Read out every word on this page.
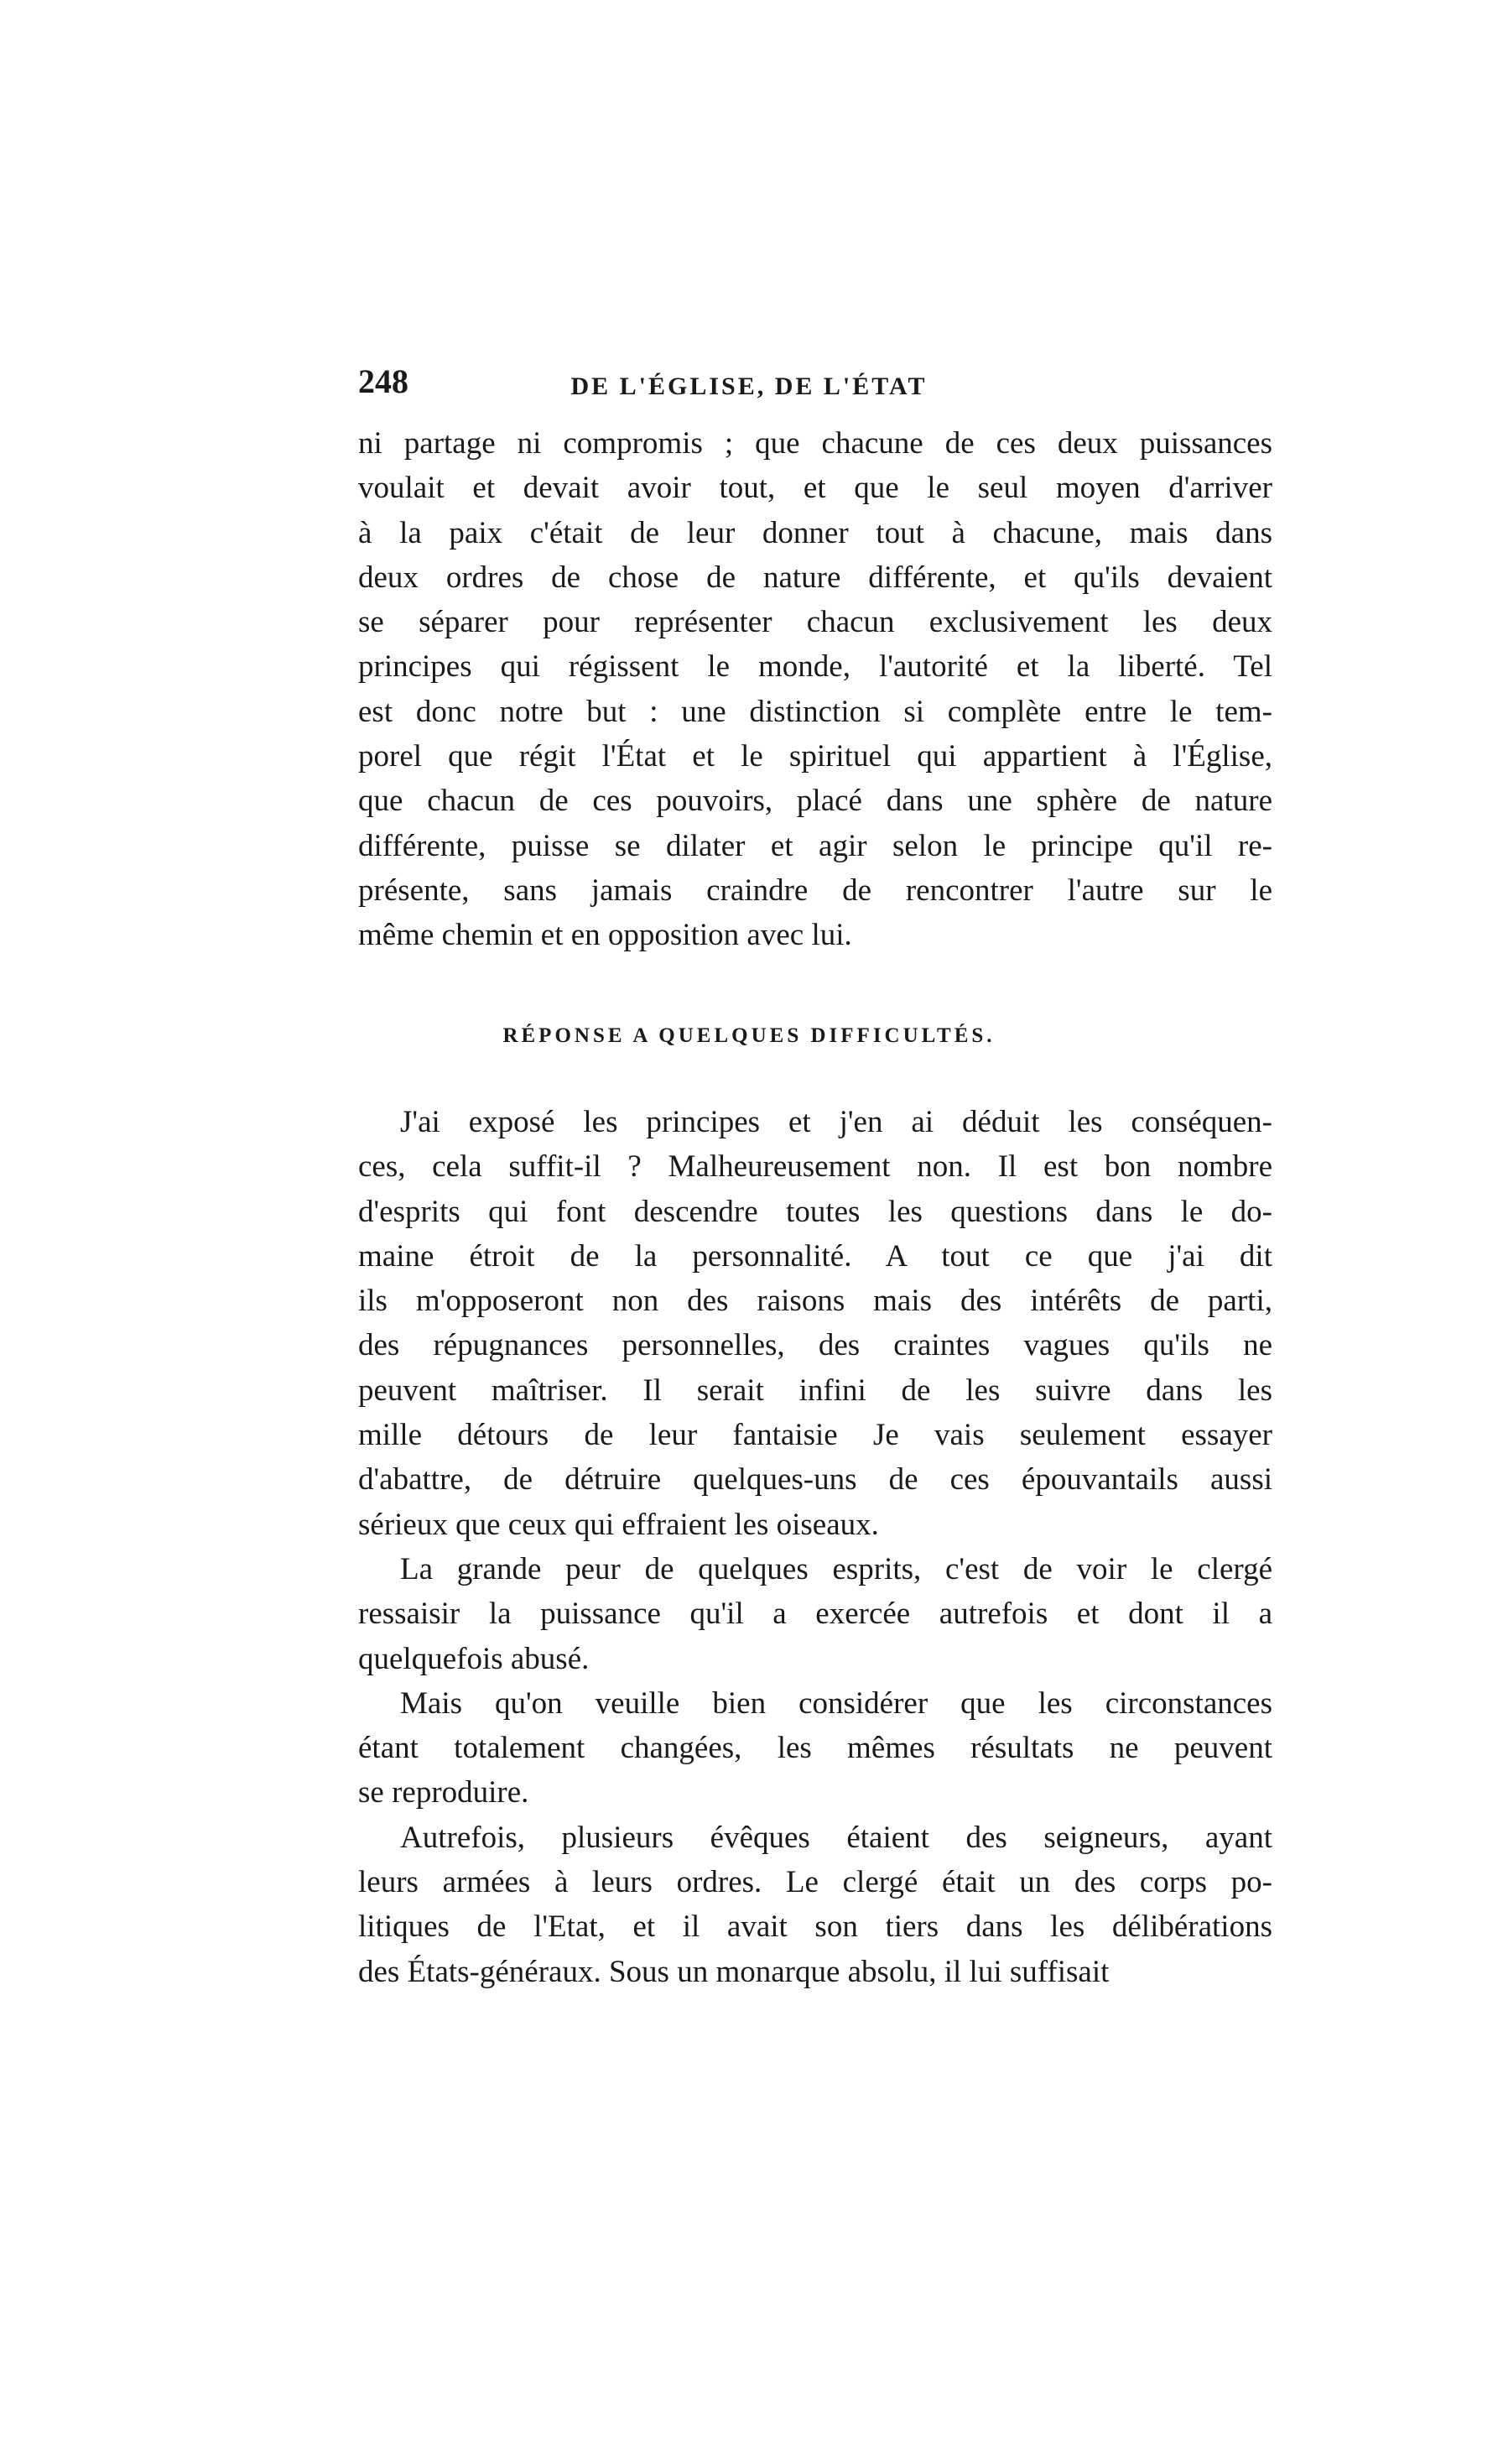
248	DE L'ÉGLISE, DE L'ÉTAT
ni partage ni compromis ; que chacune de ces deux puissances
voulait et devait avoir tout, et que le seul moyen d'arriver
à la paix c'était de leur donner tout à chacune, mais dans
deux ordres de chose de nature différente, et qu'ils devaient
se séparer pour représenter chacun exclusivement les deux
principes qui régissent le monde, l'autorité et la liberté. Tel
est donc notre but : une distinction si complète entre le tem-
porel que régit l'État et le spirituel qui appartient à l'Église,
que chacun de ces pouvoirs, placé dans une sphère de nature
différente, puisse se dilater et agir selon le principe qu'il re-
présente, sans jamais craindre de rencontrer l'autre sur le
même chemin et en opposition avec lui.
RÉPONSE A QUELQUES DIFFICULTÉS.
J'ai exposé les principes et j'en ai déduit les conséquen-
ces, cela suffit-il ? Malheureusement non. Il est bon nombre
d'esprits qui font descendre toutes les questions dans le do-
maine étroit de la personnalité. A tout ce que j'ai dit
ils m'opposeront non des raisons mais des intérêts de parti,
des répugnances personnelles, des craintes vagues qu'ils ne
peuvent maîtriser. Il serait infini de les suivre dans les
mille détours de leur fantaisie Je vais seulement essayer
d'abattre, de détruire quelques-uns de ces épouvantails aussi
sérieux que ceux qui effraient les oiseaux.
La grande peur de quelques esprits, c'est de voir le clergé
ressaisir la puissance qu'il a exercée autrefois et dont il a
quelquefois abusé.
Mais qu'on veuille bien considérer que les circonstances
étant totalement changées, les mêmes résultats ne peuvent
se reproduire.
Autrefois, plusieurs évêques étaient des seigneurs, ayant
leurs armées à leurs ordres. Le clergé était un des corps po-
litiques de l'Etat, et il avait son tiers dans les délibérations
des États-généraux. Sous un monarque absolu, il lui suffisait
